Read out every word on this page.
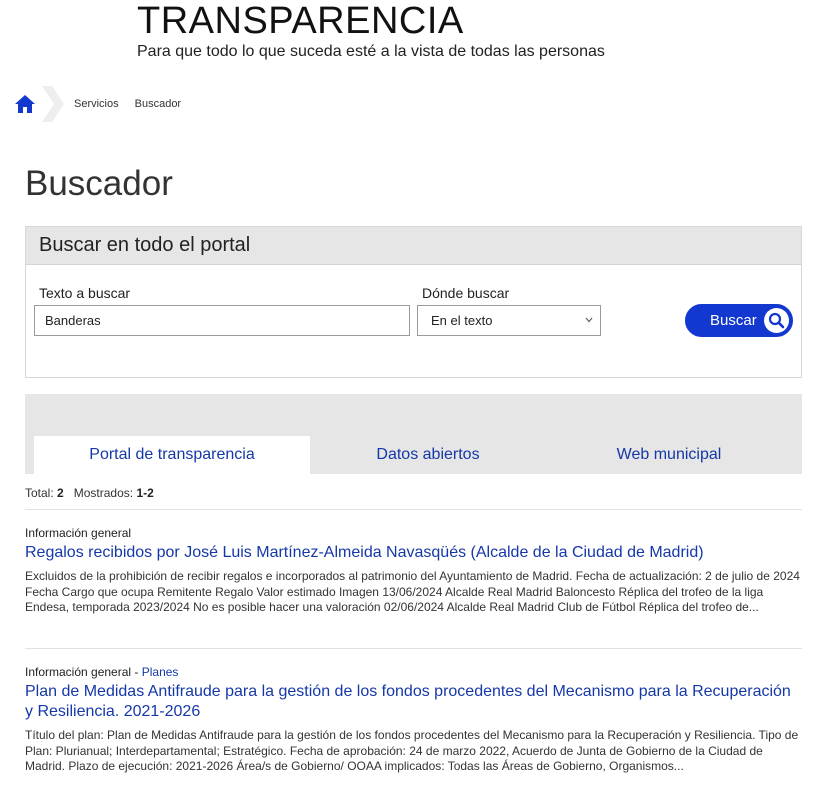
TRANSPARENCIA

Para que todo lo que suceda esté a la vista de todas las personas

Servicios Buscador
Buscador
Buscar en todo el portal
Texto a buscar
Banderas	Dónde buscar
En el texto	Buscar
Portal de transparencia	Datos abiertos	Web municipal
Total: 2 Mostrados: 1-2
Información general
Regalos recibidos por José Luis Martínez-Almeida Navasqüés (Alcalde de la Ciudad de Madrid)

Excluidos de la prohibición de recibir regalos e incorporados al patrimonio del Ayuntamiento de Madrid. Fecha de actualización: 2 de julio de 2024 Fecha Cargo que ocupa Remitente Regalo Valor estimado Imagen 13/06/2024 Alcalde Real Madrid Baloncesto Réplica del trofeo de la liga Endesa, temporada 2023/2024 No es posible hacer una valoración 02/06/2024 Alcalde Real Madrid Club de Fútbol Réplica del trofeo de...

Información general - Planes
Plan de Medidas Antifraude para la gestión de los fondos procedentes del Mecanismo para la Recuperación y Resiliencia. 2021-2026

Título del plan: Plan de Medidas Antifraude para la gestión de los fondos procedentes del Mecanismo para la Recuperación y Resiliencia. Tipo de Plan: Plurianual; Interdepartamental; Estratégico. Fecha de aprobación: 24 de marzo 2022, Acuerdo de Junta de Gobierno de la Ciudad de Madrid. Plazo de ejecución: 2021-2026 Área/s de Gobierno/ OOAA implicados: Todas las Áreas de Gobierno, Organismos...
